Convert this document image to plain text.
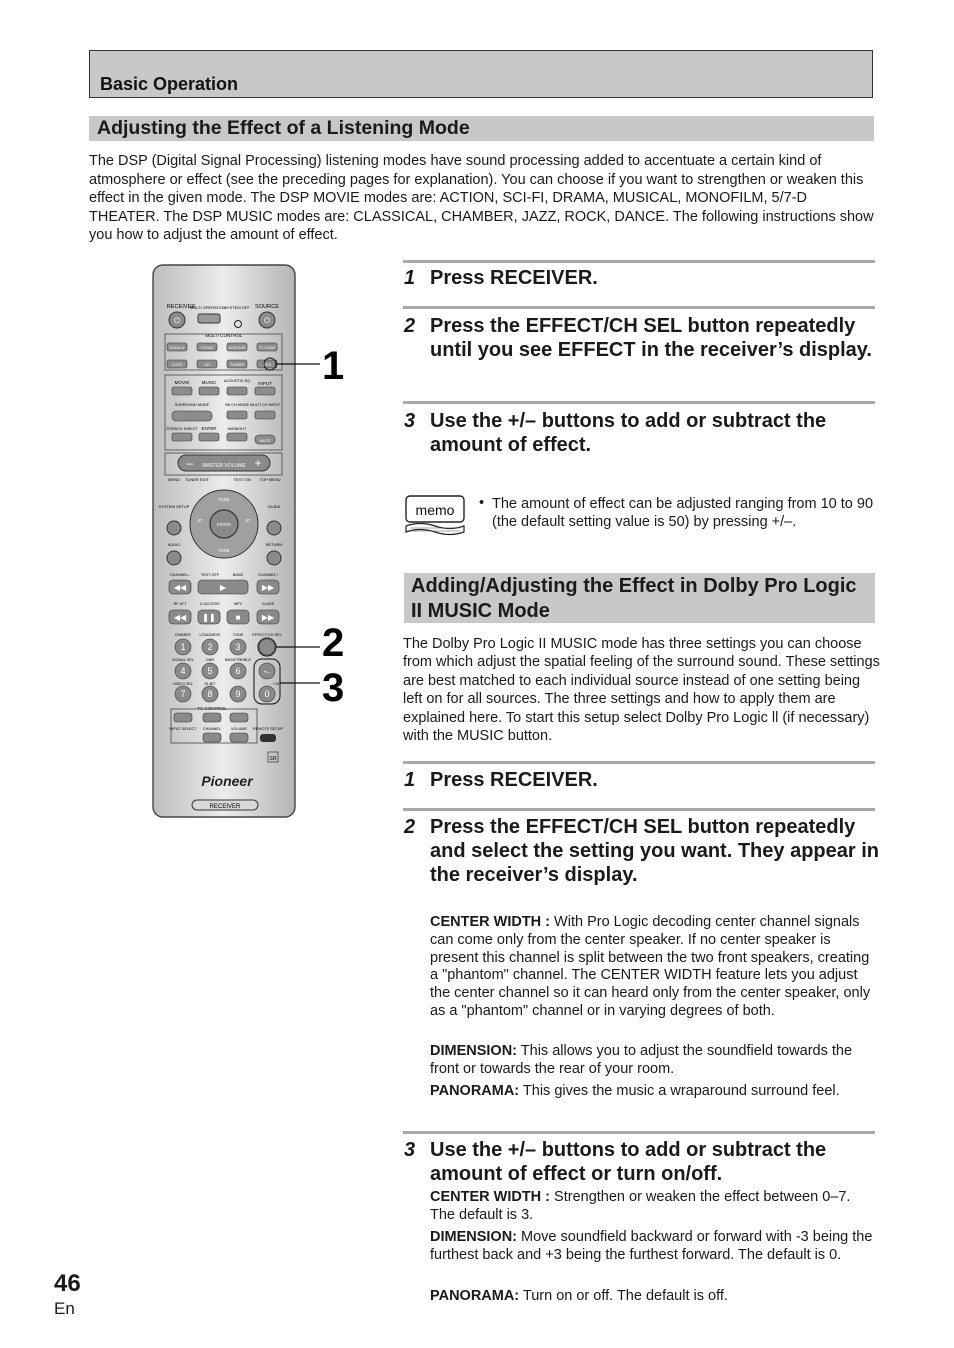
Basic Operation
Adjusting the Effect of a Listening Mode
The DSP (Digital Signal Processing) listening modes have sound processing added to accentuate a certain kind of atmosphere or effect (see the preceding pages for explanation). You can choose if you want to strengthen or weaken this effect in the given mode. The DSP MOVIE modes are: ACTION, SCI-FI, DRAMA, MUSICAL, MONOFILM, 5/7-D THEATER. The DSP MUSIC modes are: CLASSICAL, CHAMBER, JAZZ, ROCK, DANCE. The following instructions show you how to adjust the amount of effect.
1 Press RECEIVER.
2 Press the EFFECT/CH SEL button repeatedly until you see EFFECT in the receiver’s display.
3 Use the +/– buttons to add or subtract the amount of effect.
memo • The amount of effect can be adjusted ranging from 10 to 90 (the default setting value is 50) by pressing +/–.
Adding/Adjusting the Effect in Dolby Pro Logic II MUSIC Mode
The Dolby Pro Logic II MUSIC mode has three settings you can choose from which adjust the spatial feeling of the surround sound. These settings are best matched to each individual source instead of one setting being left on for all sources. The three settings and how to apply them are explained here. To start this setup select Dolby Pro Logic ll (if necessary) with the MUSIC button.
1 Press RECEIVER.
2 Press the EFFECT/CH SEL button repeatedly and select the setting you want. They appear in the receiver’s display.
CENTER WIDTH : With Pro Logic decoding center channel signals can come only from the center speaker. If no center speaker is present this channel is split between the two front speakers, creating a "phantom" channel. The CENTER WIDTH feature lets you adjust the center channel so it can heard only from the center speaker, only as a "phantom" channel or in varying degrees of both.
DIMENSION: This allows you to adjust the soundfield towards the front or towards the rear of your room.
PANORAMA: This gives the music a wraparound surround feel.
3 Use the +/– buttons to add or subtract the amount of effect or turn on/off.
CENTER WIDTH : Strengthen or weaken the effect between 0–7. The default is 3.
DIMENSION: Move soundfield backward or forward with -3 being the furthest back and +3 being the furthest forward. The default is 0.
PANORAMA: Turn on or off. The default is off.
46
En
RECEIVER
MULTI OPERATION
SYSTEM OFF SOURCE
⏻	⏻
MULTI CONTROL
DVD/LD	TV/SAT	VCR/DVR	TV CONT
VCR2	CD	TUNER	RCV
MOVIE	MUSIC ACOUSTIC EQ INPUT
SURROUND MODE	SB CH MODE MULTI CH INPUT
STEREO/ DIRECT ENTER	MIDNIGHT
MUTE
–	+
MASTER VOLUME
MENU TUNER EDIT	TEXT ON TOP MENU
SYSTEM SETUP	GUIDE
AUDIO	RETURN
ENTER
TUNE
TUNE
ST	ST
CHANNEL–	TEXT OFF	BAND	CHANNEL+
RF ATT	D.ACCESS	MPX	CLASS
◀◀	▶	▶▶
◀◀ ❚❚ ■	▶▶
DIMMER LOUDNESS	TONE EFFECT/CH SEL
SIGNAL SEL	DNR	BASS/TREBLE
VIDEO SEL	HI-BIT	+10
1 2	3
4 5	6
7 8	9	0
+–
TV CONTROL
INPUT SELECT CHANNEL	VOLUME REMOTE SETUP
SR
Pioneer
RECEIVER
1
2
3
